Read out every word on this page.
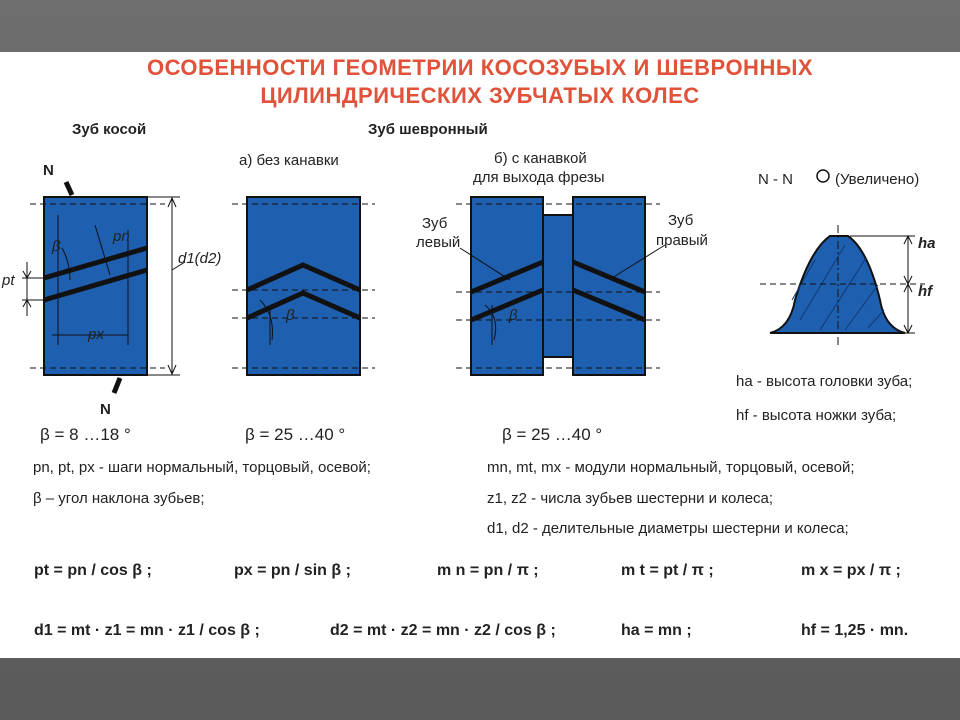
ОСОБЕННОСТИ ГЕОМЕТРИИ КОСОЗУБЫХ И ШЕВРОННЫХ
ЦИЛИНДРИЧЕСКИХ ЗУБЧАТЫХ КОЛЕС
Зуб косой	Зуб шевронный
а) без канавки	б) с канавкой
для выхода фрезы
Зуб
левый
Зуб
правый
N - N	(Увеличено)
N
N
β
pn
pt
px
d1(d2)
β	β
ha
hf
β = 8 …18 °	β = 25 …40 °	β = 25 …40 °
ha - высота головки зуба;
hf - высота ножки зуба;
pn, pt, px - шаги нормальный, торцовый, осевой;
β – угол наклона зубьев;
mn, mt, mx - модули нормальный, торцовый, осевой;
z1, z2 - числа зубьев шестерни и колеса;
d1, d2 - делительные диаметры шестерни и колеса;
pt = pn / cos β ;	px = pn / sin β ;	m n = pn / π ;	m t = pt / π ;	m x = px / π ;
d1 = mt · z1 = mn · z1 / cos β ;	d2 = mt · z2 = mn · z2 / cos β ;	ha = mn ;	hf = 1,25 · mn.
